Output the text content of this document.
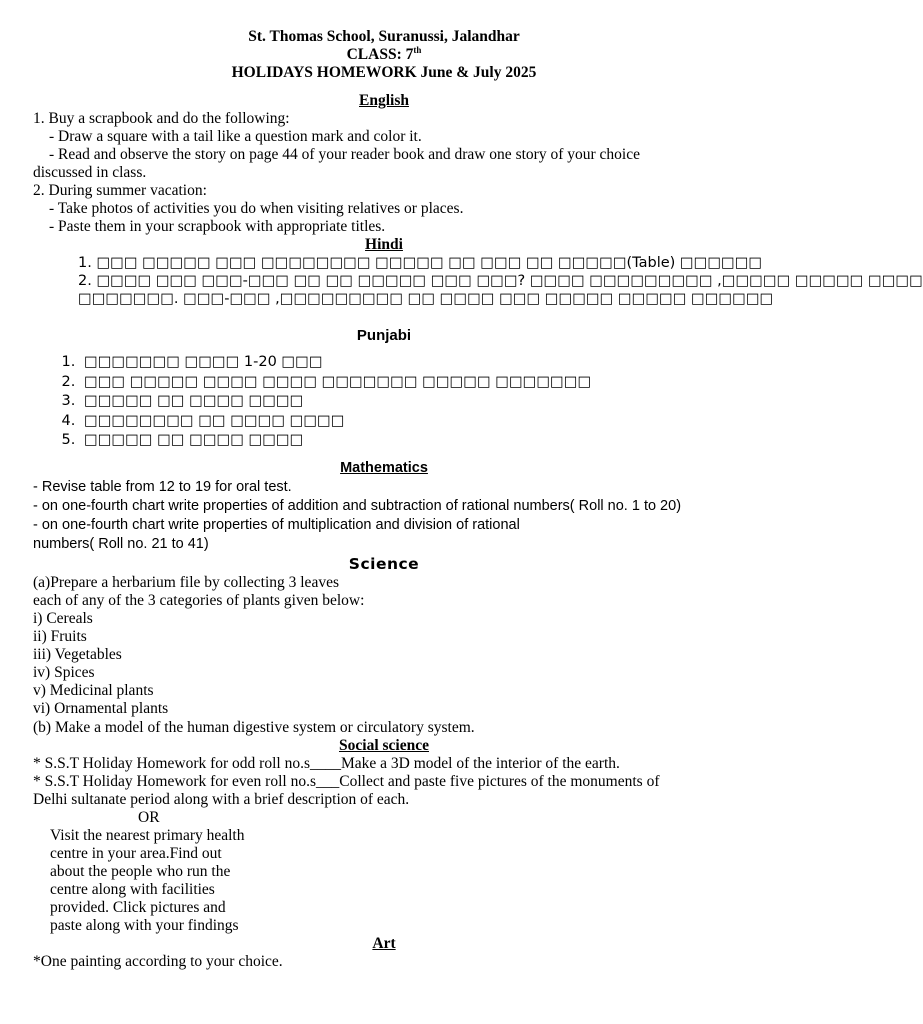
St. Thomas School, Suranussi, Jalandhar
CLASS: 7th
HOLIDAYS HOMEWORK June & July 2025
English
1. Buy a scrapbook and do the following:
- Draw a square with a tail like a question mark and color it.
- Read and observe the story on page 44 of your reader book and draw one story of your choice
discussed in class.
2. During summer vacation:
- Take photos of activities you do when visiting relatives or places.
- Paste them in your scrapbook with appropriate titles.
Hindi
1. □□□ □□□□□ □□□ □□□□□□□□ □□□□□ □□ □□□ □□ □□□□□(Table) □□□□□□
2. □□□□ □□□ □□□-□□□ □□ □□ □□□□□ □□□ □□□? □□□□ □□□□□□□□□ ,□□□□□ □□□□□ □□□□
□□□□□□□. □□□-□□□ ,□□□□□□□□□ □□ □□□□ □□□ □□□□□ □□□□□ □□□□□□
Punjabi
1. □□□□□□□ □□□□ 1-20 □□□
2. □□□ □□□□□ □□□□ □□□□ □□□□□□□ □□□□□ □□□□□□□
3. □□□□□ □□ □□□□ □□□□
4. □□□□□□□□ □□ □□□□ □□□□
5. □□□□□ □□ □□□□ □□□□
Mathematics
- Revise table from 12 to 19 for oral test.
- on one-fourth chart write properties of addition and subtraction of rational numbers( Roll no. 1 to 20)
- on one-fourth chart write properties of multiplication and division of rational
numbers( Roll no. 21 to 41)
Science
(a)Prepare a herbarium file by collecting 3 leaves
each of any of the 3 categories of plants given below:
i) Cereals
ii) Fruits
iii) Vegetables
iv) Spices
v) Medicinal plants
vi) Ornamental plants
(b) Make a model of the human digestive system or circulatory system.
Social science
* S.S.T Holiday Homework for odd roll no.s____Make a 3D model of the interior of the earth.
* S.S.T Holiday Homework for even roll no.s___Collect and paste five pictures of the monuments of
Delhi sultanate period along with a brief description of each.
OR
Visit the nearest primary health
centre in your area.Find out
about the people who run the
centre along with facilities
provided. Click pictures and
paste along with your findings
Art
*One painting according to your choice.
